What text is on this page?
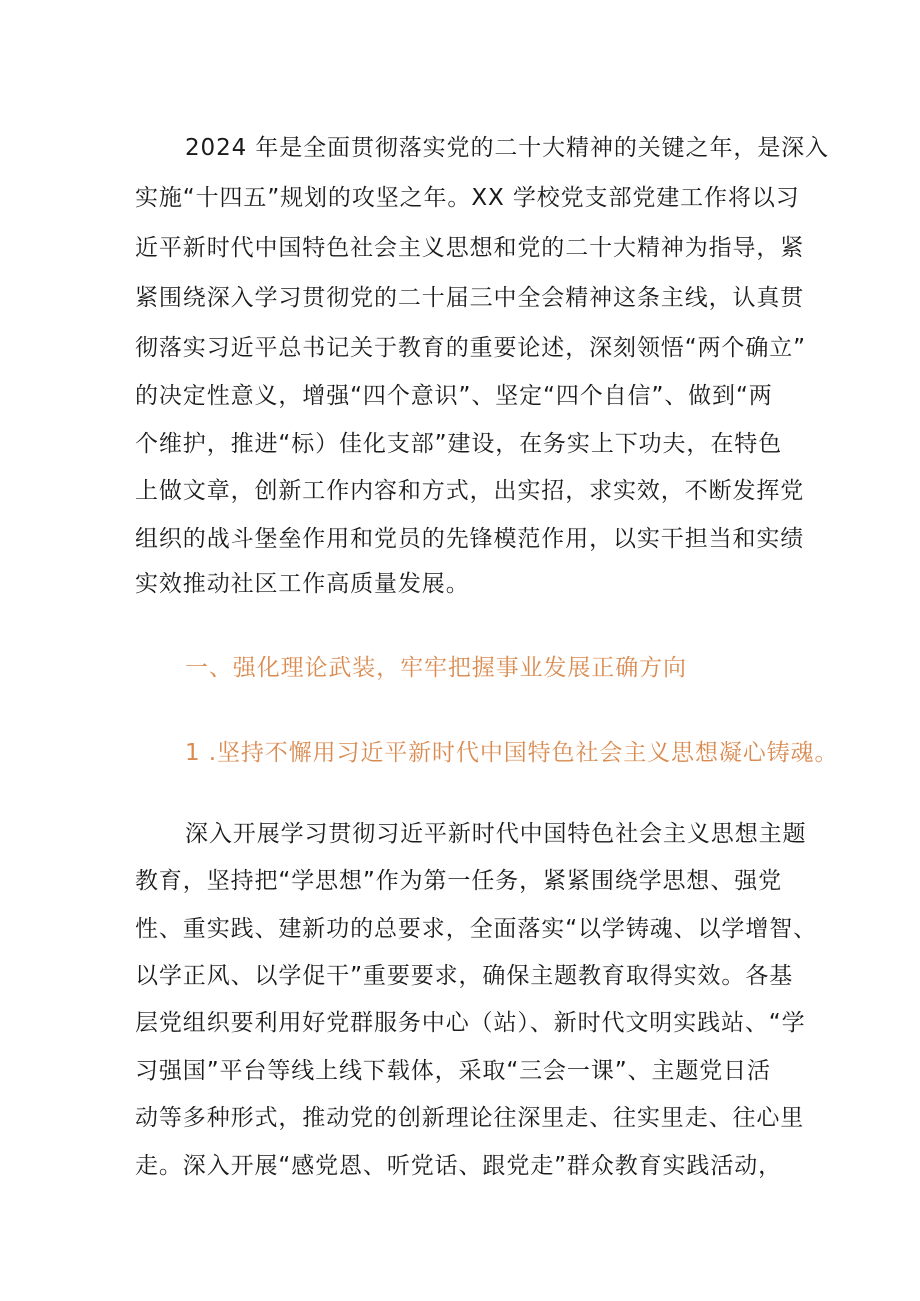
2024 年是全面贯彻落实党的二十大精神的关键之年，是深入
实施“十四五”规划的攻坚之年。XX 学校党支部党建工作将以习
近平新时代中国特色社会主义思想和党的二十大精神为指导，紧
紧围绕深入学习贯彻党的二十届三中全会精神这条主线，认真贯
彻落实习近平总书记关于教育的重要论述，深刻领悟“两个确立”
的决定性意义，增强“四个意识”、坚定“四个自信”、做到“两
个维护，推进“标）佳化支部”建设，在务实上下功夫，在特色
上做文章，创新工作内容和方式，出实招，求实效，不断发挥党
组织的战斗堡垒作用和党员的先锋模范作用，以实干担当和实绩
实效推动社区工作高质量发展。
一、强化理论武装，牢牢把握事业发展正确方向
1 .坚持不懈用习近平新时代中国特色社会主义思想凝心铸魂。
深入开展学习贯彻习近平新时代中国特色社会主义思想主题
教育，坚持把“学思想”作为第一任务，紧紧围绕学思想、强党
性、重实践、建新功的总要求，全面落实“以学铸魂、以学增智、
以学正风、以学促干”重要要求，确保主题教育取得实效。各基
层党组织要利用好党群服务中心（站）、新时代文明实践站、“学
习强国”平台等线上线下载体，采取“三会一课”、主题党日活
动等多种形式，推动党的创新理论往深里走、往实里走、往心里
走。深入开展“感党恩、听党话、跟党走”群众教育实践活动，
